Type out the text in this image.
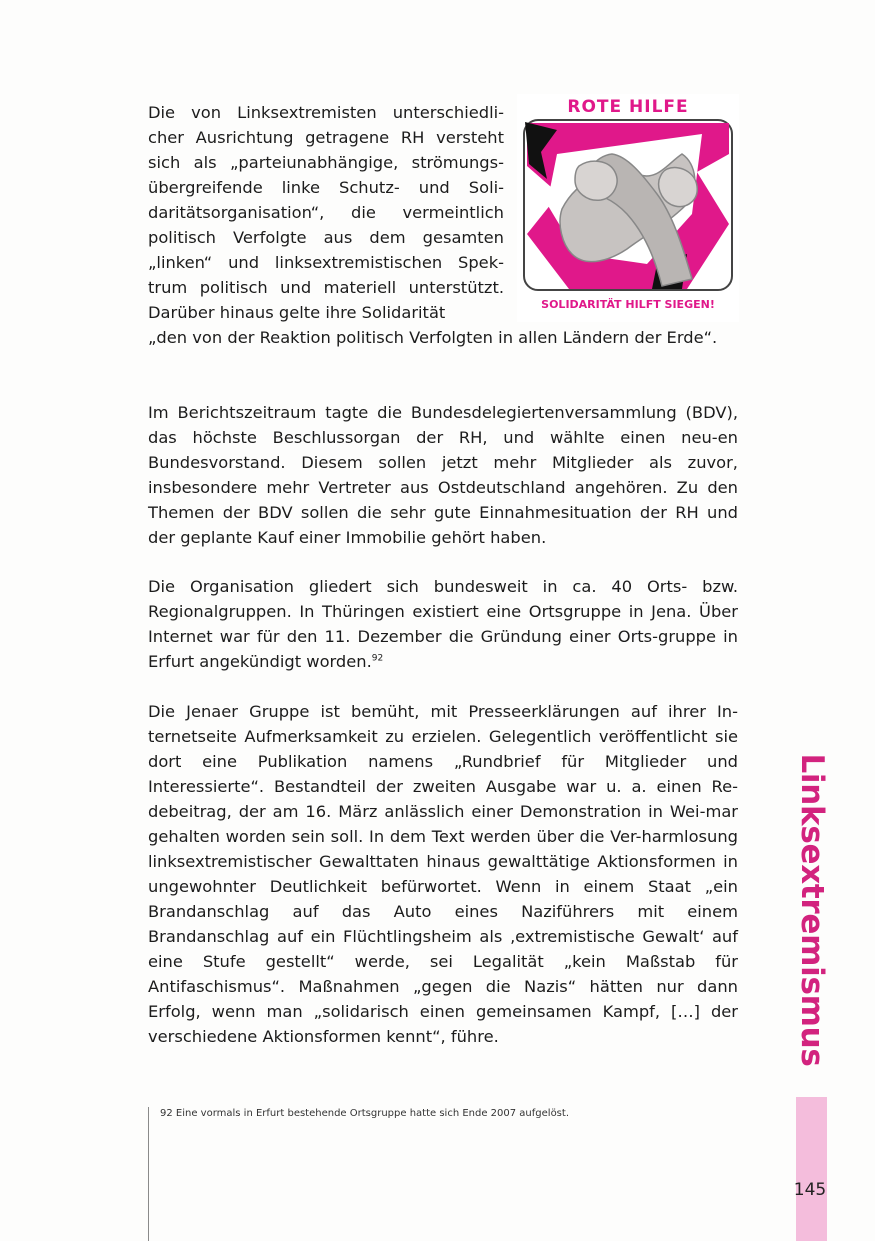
Die von Linksextremisten unterschiedli-cher Ausrichtung getragene RH versteht sich als „parteiunabhängige, strömungs-übergreifende linke Schutz- und Soli-daritätsorganisation“, die vermeintlich politisch Verfolgte aus dem gesamten „linken“ und linksextremistischen Spek-trum politisch und materiell unterstützt. Darüber hinaus gelte ihre Solidarität

ROTE HILFE
SOLIDARITÄT HILFT SIEGEN!

„den von der Reaktion politisch Verfolgten in allen Ländern der Erde“.

Im Berichtszeitraum tagte die Bundesdelegiertenversammlung (BDV), das höchste Beschlussorgan der RH, und wählte einen neu-en Bundesvorstand. Diesem sollen jetzt mehr Mitglieder als zuvor, insbesondere mehr Vertreter aus Ostdeutschland angehören. Zu den Themen der BDV sollen die sehr gute Einnahmesituation der RH und der geplante Kauf einer Immobilie gehört haben.

Die Organisation gliedert sich bundesweit in ca. 40 Orts- bzw. Regionalgruppen. In Thüringen existiert eine Ortsgruppe in Jena. Über Internet war für den 11. Dezember die Gründung einer Orts-gruppe in Erfurt angekündigt worden.$^{92}$

Die Jenaer Gruppe ist bemüht, mit Presseerklärungen auf ihrer In-ternetseite Aufmerksamkeit zu erzielen. Gelegentlich veröffentlicht sie dort eine Publikation namens „Rundbrief für Mitglieder und Interessierte“. Bestandteil der zweiten Ausgabe war u. a. einen Re-debeitrag, der am 16. März anlässlich einer Demonstration in Wei-mar gehalten worden sein soll. In dem Text werden über die Ver-harmlosung linksextremistischer Gewalttaten hinaus gewalttätige Aktionsformen in ungewohnter Deutlichkeit befürwortet. Wenn in einem Staat „ein Brandanschlag auf das Auto eines Naziführers mit einem Brandanschlag auf ein Flüchtlingsheim als ‚extremistische Gewalt‘ auf eine Stufe gestellt“ werde, sei Legalität „kein Maßstab für Antifaschismus“. Maßnahmen „gegen die Nazis“ hätten nur dann Erfolg, wenn man „solidarisch einen gemeinsamen Kampf, […] der verschiedene Aktionsformen kennt“, führe.

92 Eine vormals in Erfurt bestehende Ortsgruppe hatte sich Ende 2007 aufgelöst.
Linksextremismus
145
